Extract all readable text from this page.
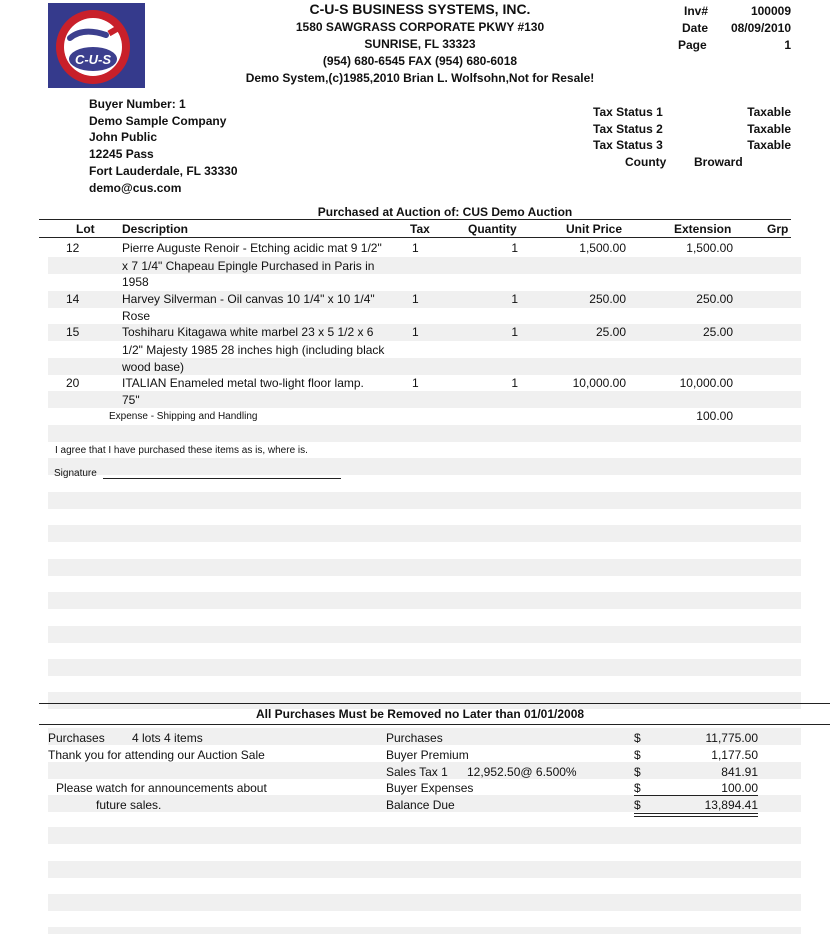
C-U-S
C-U-S BUSINESS SYSTEMS, INC.
1580 SAWGRASS CORPORATE PKWY #130
SUNRISE, FL 33323
(954) 680-6545 FAX (954) 680-6018
Demo System,(c)1985,2010 Brian L. Wolfsohn,Not for Resale!
Inv#	100009
Date	08/09/2010
Page	1
Buyer Number: 1
Demo Sample Company
John Public
12245 Pass
Fort Lauderdale, FL 33330
demo@cus.com
Tax Status 1	Taxable
Tax Status 2	Taxable
Tax Status 3	Taxable
County Broward
Purchased at Auction of: CUS Demo Auction
Lot Description	Tax	Quantity	Unit Price	Extension	Grp
12	Pierre Auguste Renoir - Etching acidic mat 9 1/2"
x 7 1/4" Chapeau Epingle Purchased in Paris in
1958
1	1	1,500.00	1,500.00
14	Harvey Silverman - Oil canvas 10 1/4" x 10 1/4"
Rose
1	1	250.00	250.00
15	Toshiharu Kitagawa white marbel 23 x 5 1/2 x 6
1/2" Majesty 1985 28 inches high (including black
wood base)
1	1	25.00	25.00
20	ITALIAN Enameled metal two-light floor lamp.
75"
1	1	10,000.00	10,000.00
Expense - Shipping and Handling	100.00
I agree that I have purchased these items as is, where is.
Signature
All Purchases Must be Removed no Later than 01/01/2008
Purchases 4 lots 4 items
Thank you for attending our Auction Sale
Please watch for announcements about
future sales.
Purchases	$	11,775.00
Buyer Premium	$	1,177.50
Sales Tax 1 12,952.50@ 6.500%	$	841.91
Buyer Expenses	$	100.00
Balance Due	$	13,894.41
